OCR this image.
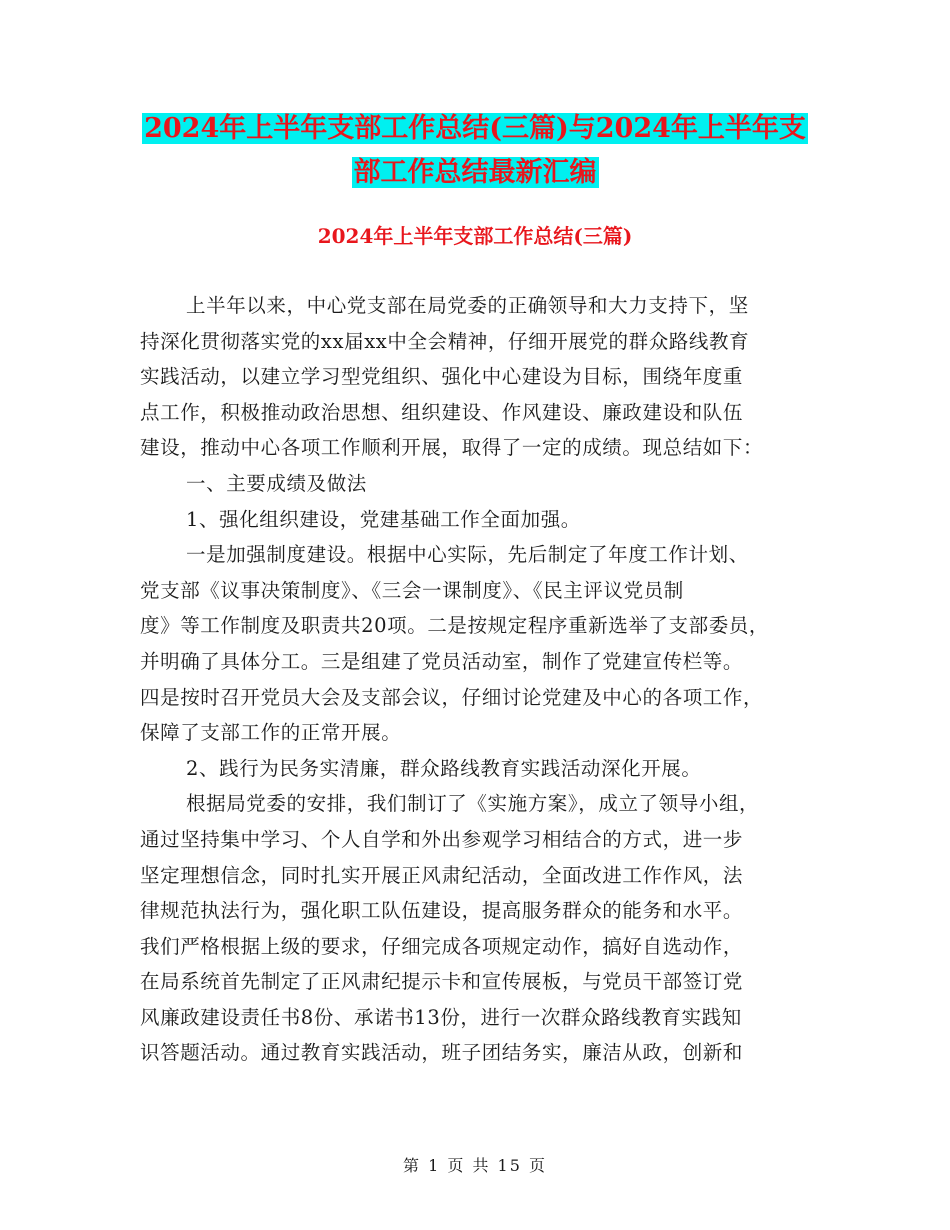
2024年上半年支部工作总结(三篇)与2024年上半年支
部工作总结最新汇编
2024年上半年支部工作总结(三篇)
上半年以来，中心党支部在局党委的正确领导和大力支持下，坚
持深化贯彻落实党的xx届xx中全会精神，仔细开展党的群众路线教育
实践活动，以建立学习型党组织、强化中心建设为目标，围绕年度重
点工作，积极推动政治思想、组织建设、作风建设、廉政建设和队伍
建设，推动中心各项工作顺利开展，取得了一定的成绩。现总结如下：
一、主要成绩及做法
1、强化组织建设，党建基础工作全面加强。
一是加强制度建设。根据中心实际，先后制定了年度工作计划、
党支部《议事决策制度》、《三会一课制度》、《民主评议党员制
度》等工作制度及职责共20项。二是按规定程序重新选举了支部委员，
并明确了具体分工。三是组建了党员活动室，制作了党建宣传栏等。
四是按时召开党员大会及支部会议，仔细讨论党建及中心的各项工作，
保障了支部工作的正常开展。
2、践行为民务实清廉，群众路线教育实践活动深化开展。
根据局党委的安排，我们制订了《实施方案》，成立了领导小组，
通过坚持集中学习、个人自学和外出参观学习相结合的方式，进一步
坚定理想信念，同时扎实开展正风肃纪活动，全面改进工作作风，法
律规范执法行为，强化职工队伍建设，提高服务群众的能务和水平。
我们严格根据上级的要求，仔细完成各项规定动作，搞好自选动作，
在局系统首先制定了正风肃纪提示卡和宣传展板，与党员干部签订党
风廉政建设责任书8份、承诺书13份，进行一次群众路线教育实践知
识答题活动。通过教育实践活动，班子团结务实，廉洁从政，创新和
第 1 页 共 15 页
